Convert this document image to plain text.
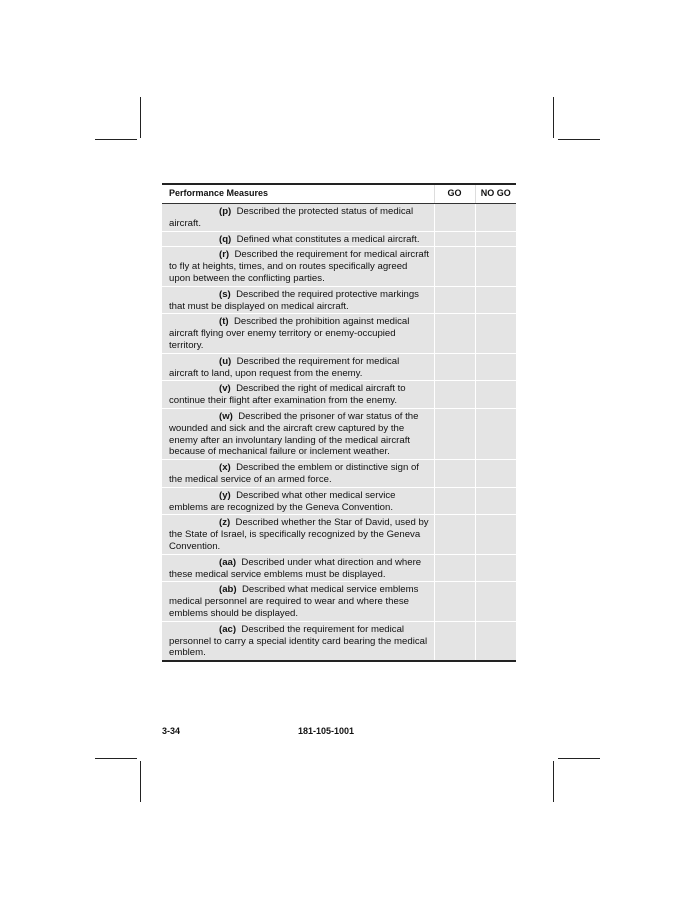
Performance Measures	GO	NO GO
(p) Described the protected status of medical aircraft.		
(q) Defined what constitutes a medical aircraft.		
(r) Described the requirement for medical aircraft to fly at heights, times, and on routes specifically agreed upon between the conflicting parties.		
(s) Described the required protective markings that must be displayed on medical aircraft.		
(t) Described the prohibition against medical aircraft flying over enemy territory or enemy-occupied territory.		
(u) Described the requirement for medical aircraft to land, upon request from the enemy.		
(v) Described the right of medical aircraft to continue their flight after examination from the enemy.		
(w) Described the prisoner of war status of the wounded and sick and the aircraft crew captured by the enemy after an involuntary landing of the medical aircraft because of mechanical failure or inclement weather.		
(x) Described the emblem or distinctive sign of the medical service of an armed force.		
(y) Described what other medical service emblems are recognized by the Geneva Convention.		
(z) Described whether the Star of David, used by the State of Israel, is specifically recognized by the Geneva Convention.		
(aa) Described under what direction and where these medical service emblems must be displayed.		
(ab) Described what medical service emblems medical personnel are required to wear and where these emblems should be displayed.		
(ac) Described the requirement for medical personnel to carry a special identity card bearing the medical emblem.		
3-34	181-105-1001
